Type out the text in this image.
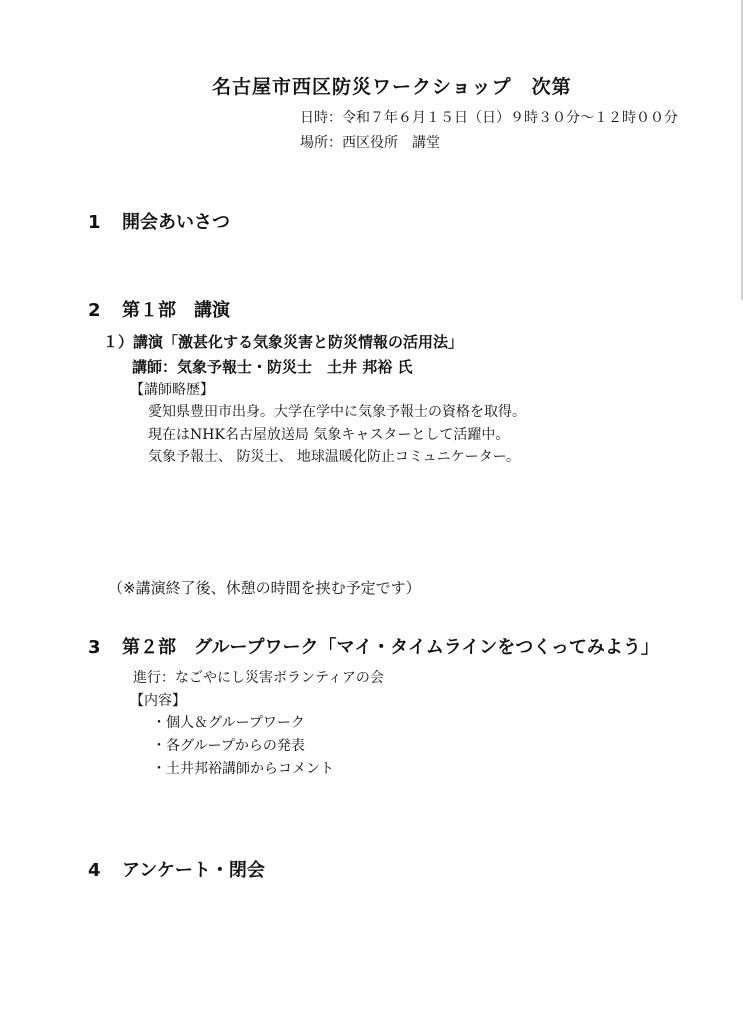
名古屋市西区防災ワークショップ　次第
日時：令和７年６月１５日（日）９時３０分～１２時００分
場所：西区役所　講堂
1 開会あいさつ
2 第１部　講演
１）講演「激甚化する気象災害と防災情報の活用法」
講師：気象予報士・防災士　土井 邦裕 氏
【講師略歴】
愛知県豊田市出身。大学在学中に気象予報士の資格を取得。
現在はNHK名古屋放送局 気象キャスターとして活躍中。
気象予報士、 防災士、 地球温暖化防止コミュニケーター。
（※講演終了後、休憩の時間を挟む予定です）
3 第２部　グループワーク「マイ・タイムラインをつくってみよう」
進行：なごやにし災害ボランティアの会
【内容】
・個人＆グループワーク
・各グループからの発表
・土井邦裕講師からコメント
4 アンケート・閉会
